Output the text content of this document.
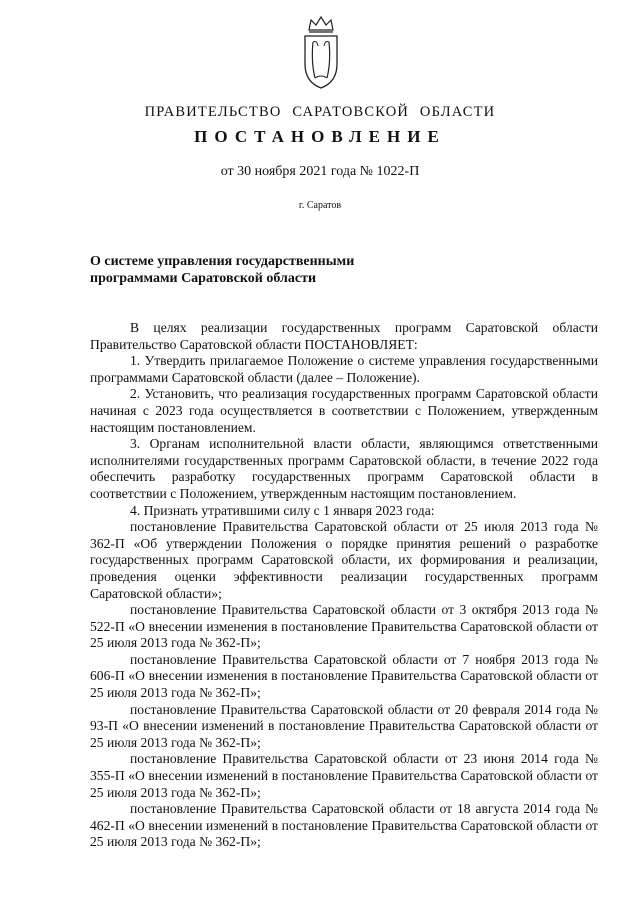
ПРАВИТЕЛЬСТВО САРАТОВСКОЙ ОБЛАСТИ
ПОСТАНОВЛЕНИЕ
от 30 ноября 2021 года № 1022-П
г. Саратов
О системе управления государственными
программами Саратовской области

В целях реализации государственных программ Саратовской области Правительство Саратовской области ПОСТАНОВЛЯЕТ:

1. Утвердить прилагаемое Положение о системе управления государственными программами Саратовской области (далее – Положение).

2. Установить, что реализация государственных программ Саратовской области начиная с 2023 года осуществляется в соответствии с Положением, утвержденным настоящим постановлением.

3. Органам исполнительной власти области, являющимся ответственными исполнителями государственных программ Саратовской области, в течение 2022 года обеспечить разработку государственных программ Саратовской области в соответствии с Положением, утвержденным настоящим постановлением.

4. Признать утратившими силу с 1 января 2023 года:

постановление Правительства Саратовской области от 25 июля 2013 года № 362-П «Об утверждении Положения о порядке принятия решений о разработке государственных программ Саратовской области, их формирования и реализации, проведения оценки эффективности реализации государственных программ Саратовской области»;

постановление Правительства Саратовской области от 3 октября 2013 года № 522-П «О внесении изменения в постановление Правительства Саратовской области от 25 июля 2013 года № 362-П»;

постановление Правительства Саратовской области от 7 ноября 2013 года № 606-П «О внесении изменения в постановление Правительства Саратовской области от 25 июля 2013 года № 362-П»;

постановление Правительства Саратовской области от 20 февраля 2014 года № 93-П «О внесении изменений в постановление Правительства Саратовской области от 25 июля 2013 года № 362-П»;

постановление Правительства Саратовской области от 23 июня 2014 года № 355-П «О внесении изменений в постановление Правительства Саратовской области от 25 июля 2013 года № 362-П»;

постановление Правительства Саратовской области от 18 августа 2014 года № 462-П «О внесении изменений в постановление Правительства Саратовской области от 25 июля 2013 года № 362-П»;
